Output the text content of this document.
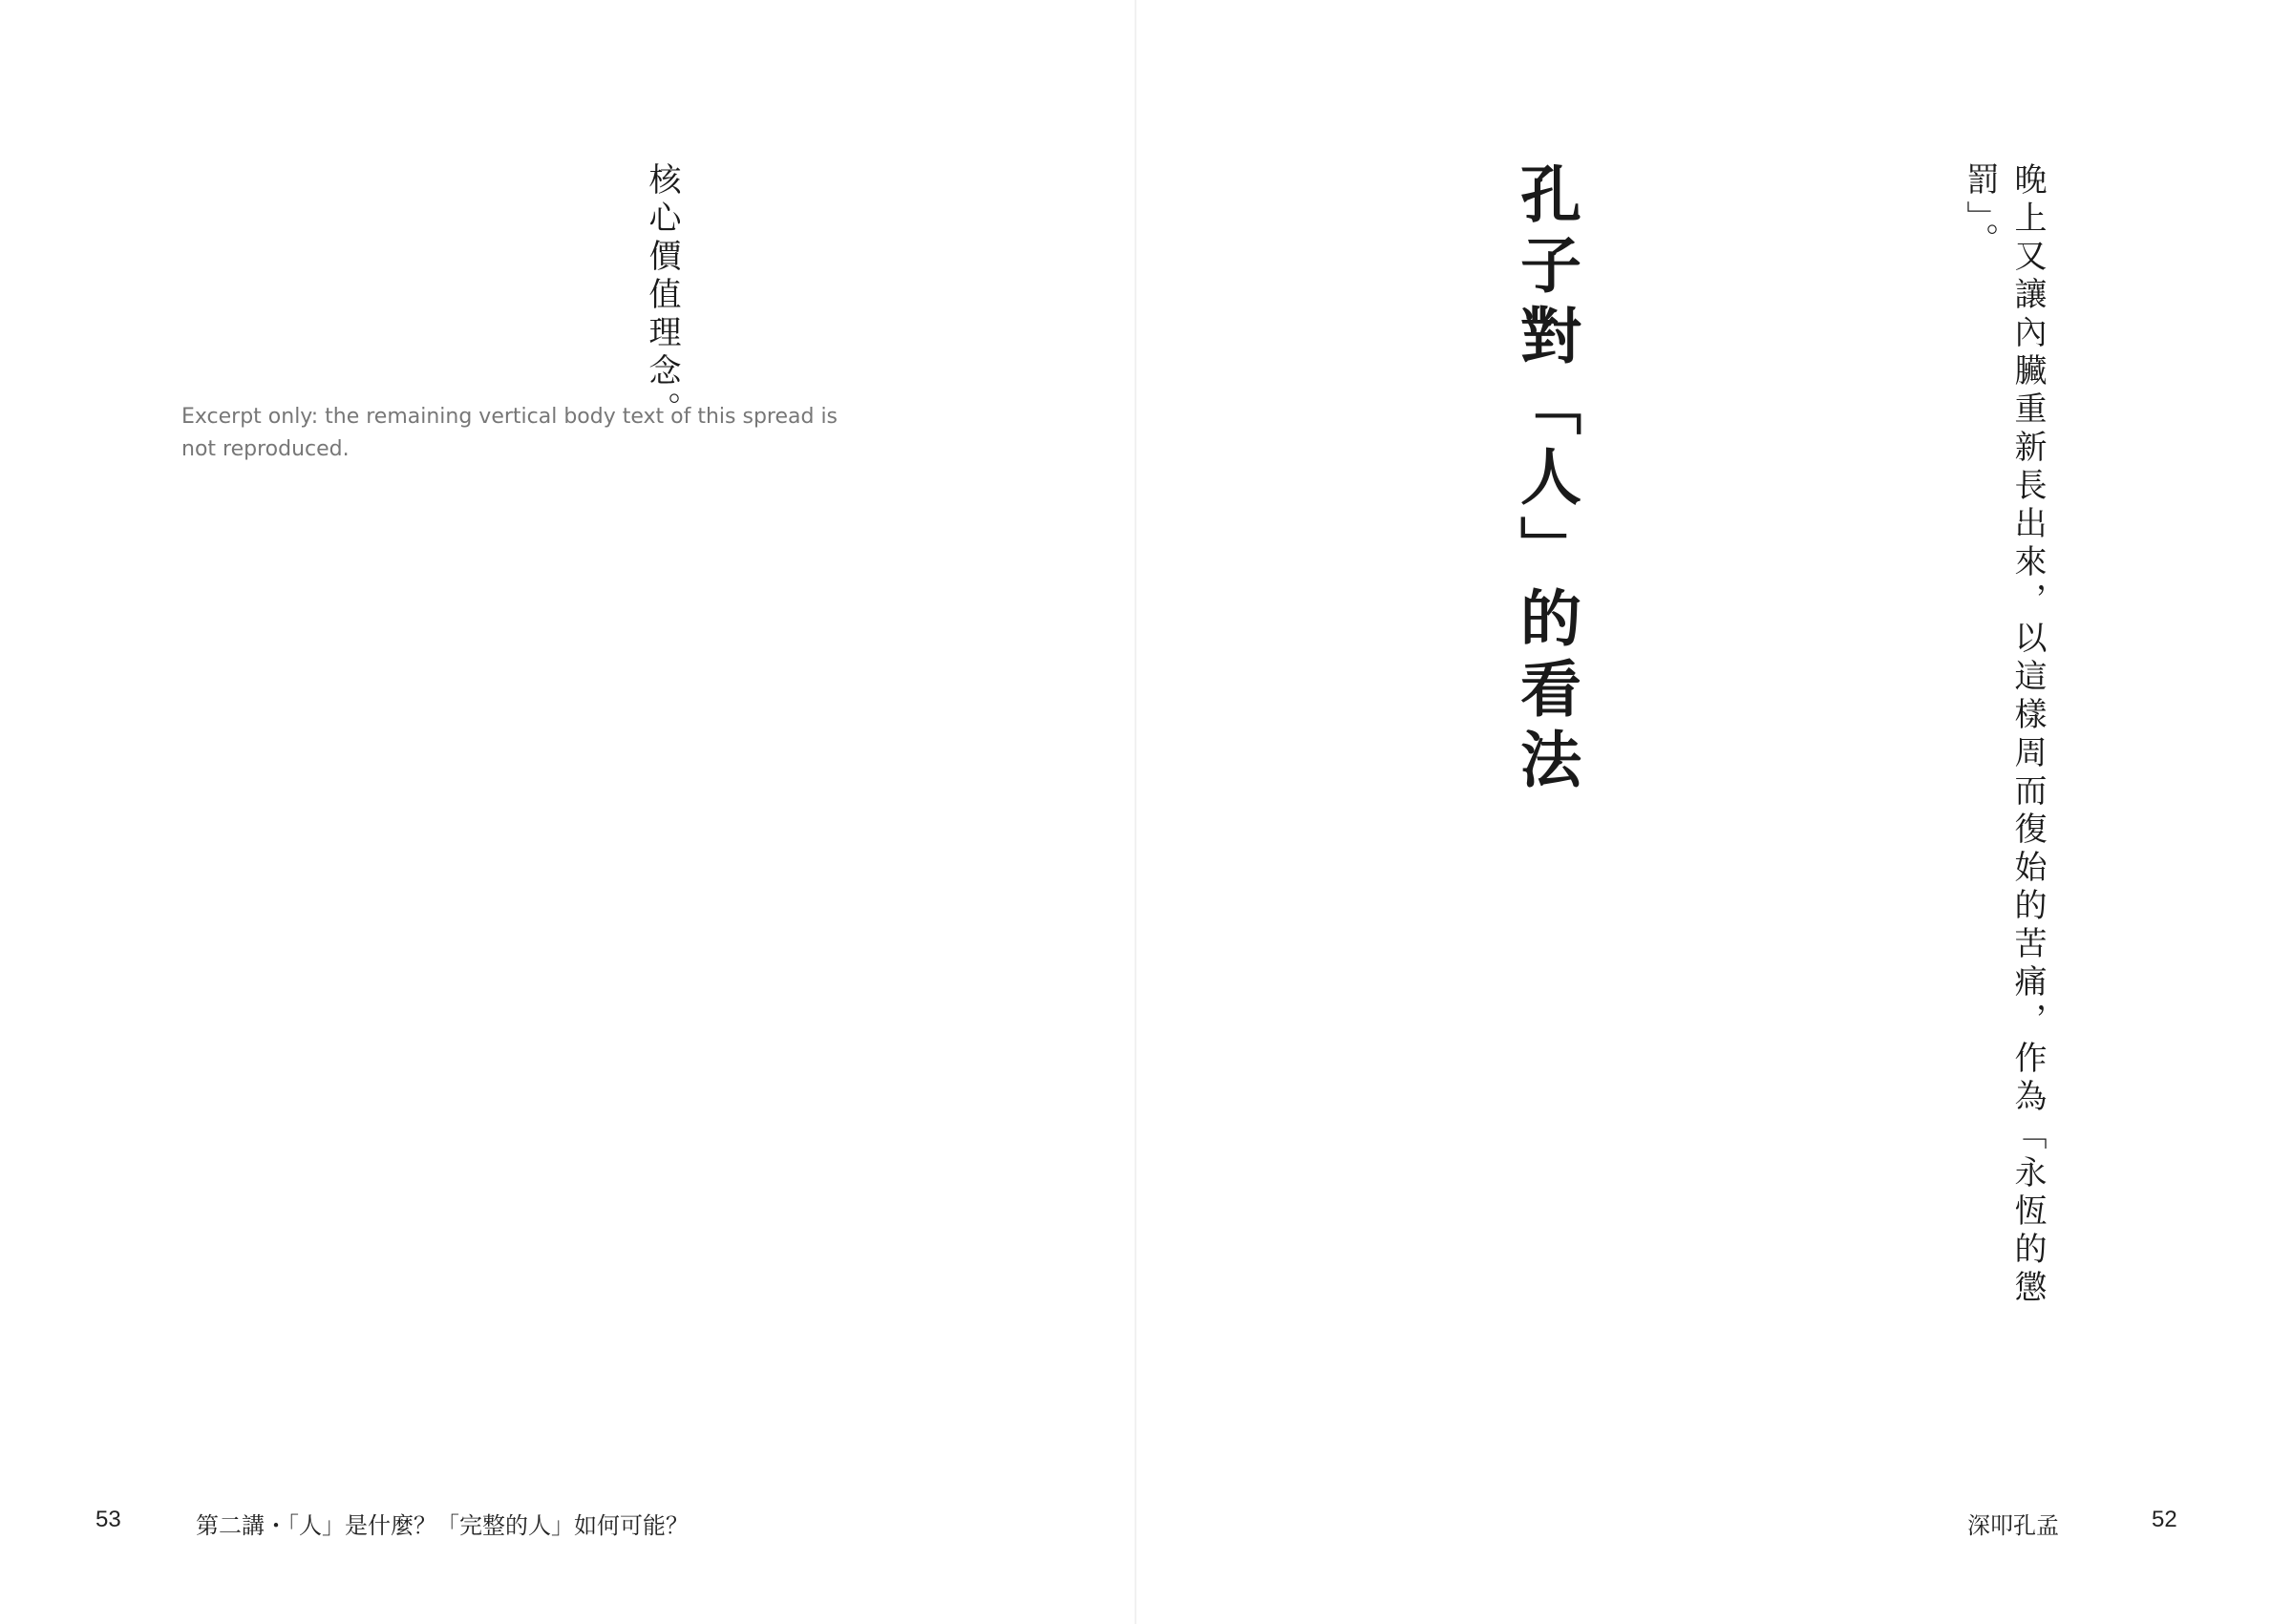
晚上又讓內臟重新長出來，以這樣周而復始的苦痛，作為「永恆的懲罰」。
孔子對「人」的看法
核心價值理念。
Excerpt only: the remaining vertical body text of this spread is not reproduced.
53	第二講・「人」是什麼？「完整的人」如何可能？	深叩孔孟	52
